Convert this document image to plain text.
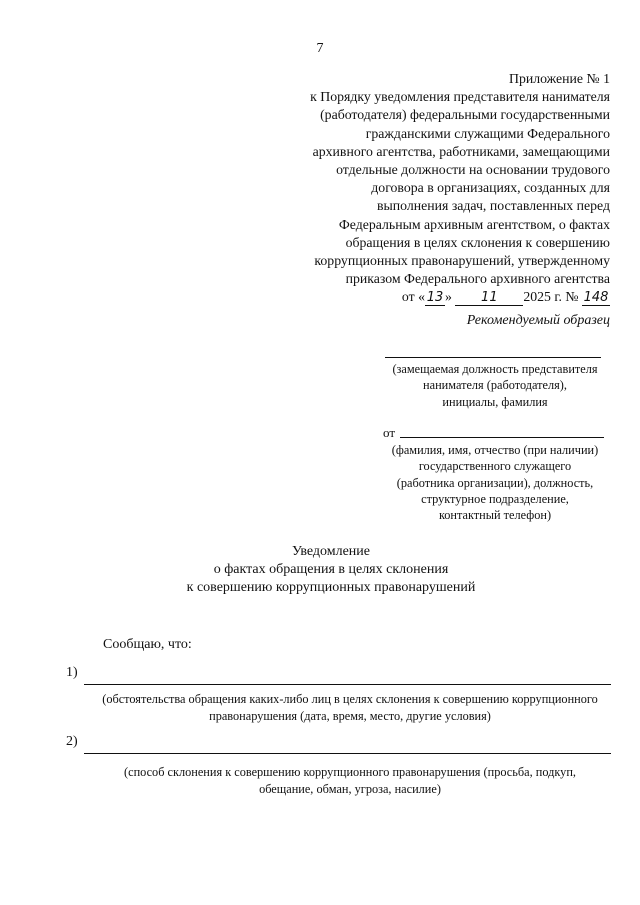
7
Приложение № 1
к Порядку уведомления представителя нанимателя
(работодателя) федеральными государственными
гражданскими служащими Федерального
архивного агентства, работниками, замещающими
отдельные должности на основании трудового
договора в организациях, созданных для
выполнения задач, поставленных перед
Федеральным архивным агентством, о фактах
обращения в целях склонения к совершению
коррупционных правонарушений, утвержденному
приказом Федерального архивного агентства
от « 13 » 11 2025 г. № 148
Рекомендуемый образец
(замещаемая должность представителя
нанимателя (работодателя),
инициалы, фамилия
от
(фамилия, имя, отчество (при наличии)
государственного служащего
(работника организации), должность,
структурное подразделение,
контактный телефон)
Уведомление
о фактах обращения в целях склонения
к совершению коррупционных правонарушений
Сообщаю, что:
1)
(обстоятельства обращения каких-либо лиц в целях склонения к совершению коррупционного
правонарушения (дата, время, место, другие условия)
2)
(способ склонения к совершению коррупционного правонарушения (просьба, подкуп,
обещание, обман, угроза, насилие)
